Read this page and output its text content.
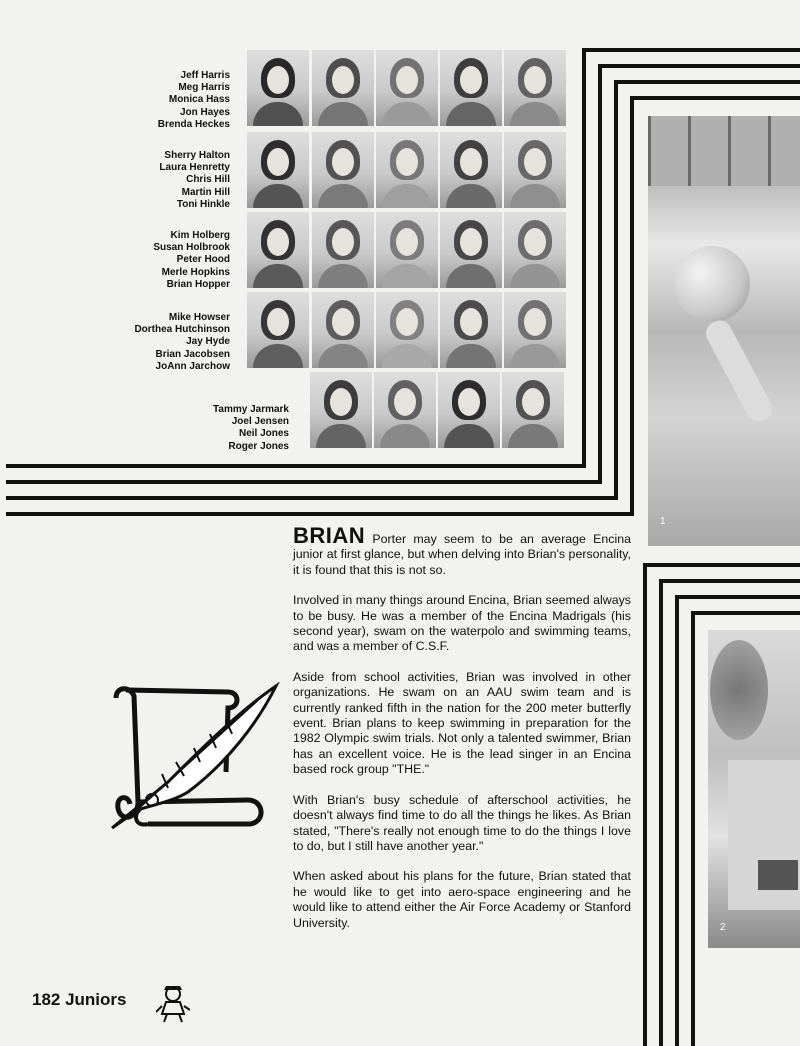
Jeff Harris
Meg Harris
Monica Hass
Jon Hayes
Brenda Heckes
Sherry Halton
Laura Henretty
Chris Hill
Martin Hill
Toni Hinkle
Kim Holberg
Susan Holbrook
Peter Hood
Merle Hopkins
Brian Hopper
Mike Howser
Dorthea Hutchinson
Jay Hyde
Brian Jacobsen
JoAnn Jarchow
Tammy Jarmark
Joel Jensen
Neil Jones
Roger Jones
1
2

BRIAN Porter may seem to be an average Encina junior at first glance, but when delving into Brian's personality, it is found that this is not so.

Involved in many things around Encina, Brian seemed always to be busy. He was a member of the Encina Madrigals (his second year), swam on the waterpolo and swimming teams, and was a member of C.S.F.

Aside from school activities, Brian was involved in other organizations. He swam on an AAU swim team and is currently ranked fifth in the nation for the 200 meter butterfly event. Brian plans to keep swimming in preparation for the 1982 Olympic swim trials. Not only a talented swimmer, Brian has an excellent voice. He is the lead singer in an Encina based rock group "THE."

With Brian's busy schedule of afterschool activities, he doesn't always find time to do all the things he likes. As Brian stated, "There's really not enough time to do the things I love to do, but I still have another year."

When asked about his plans for the future, Brian stated that he would like to get into aero-space engineering and he would like to attend either the Air Force Academy or Stanford University.

182 Juniors
